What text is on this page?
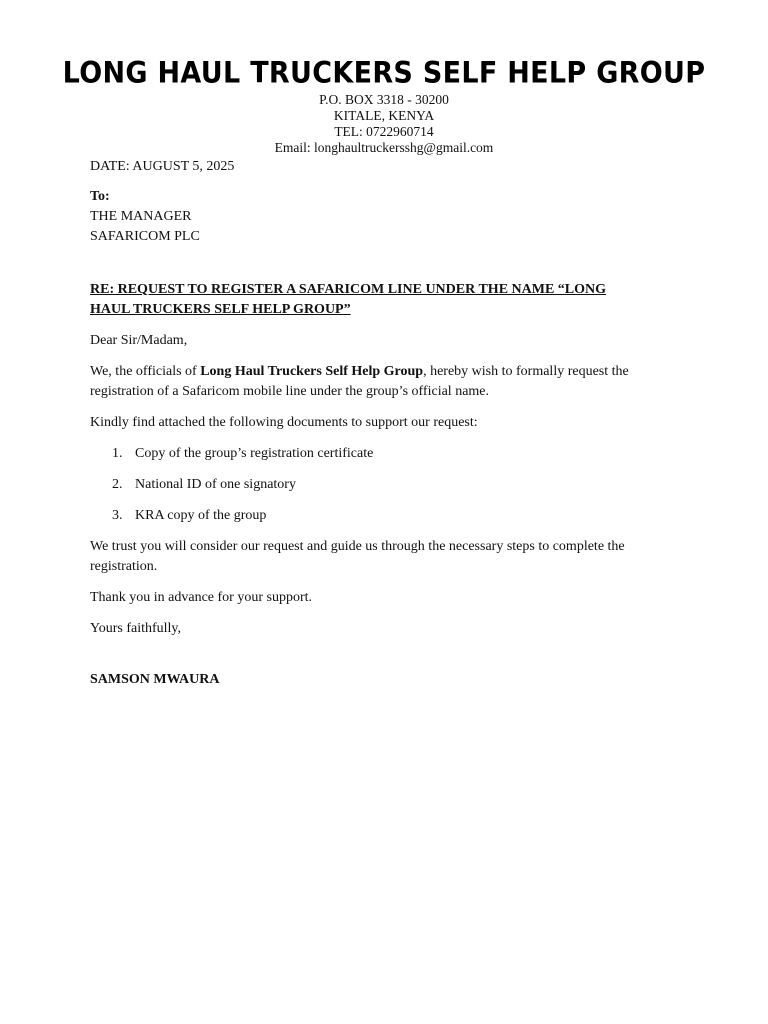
LONG HAUL TRUCKERS SELF HELP GROUP
P.O. BOX 3318 - 30200
KITALE, KENYA
TEL: 0722960714
Email: longhaultruckersshg@gmail.com
DATE: AUGUST 5, 2025
To:
THE MANAGER
SAFARICOM PLC
RE: REQUEST TO REGISTER A SAFARICOM LINE UNDER THE NAME “LONG
HAUL TRUCKERS SELF HELP GROUP”
Dear Sir/Madam,
We, the officials of Long Haul Truckers Self Help Group, hereby wish to formally request the
registration of a Safaricom mobile line under the group’s official name.
Kindly find attached the following documents to support our request:
1. Copy of the group’s registration certificate
2. National ID of one signatory
3. KRA copy of the group
We trust you will consider our request and guide us through the necessary steps to complete the
registration.
Thank you in advance for your support.
Yours faithfully,
SAMSON MWAURA
